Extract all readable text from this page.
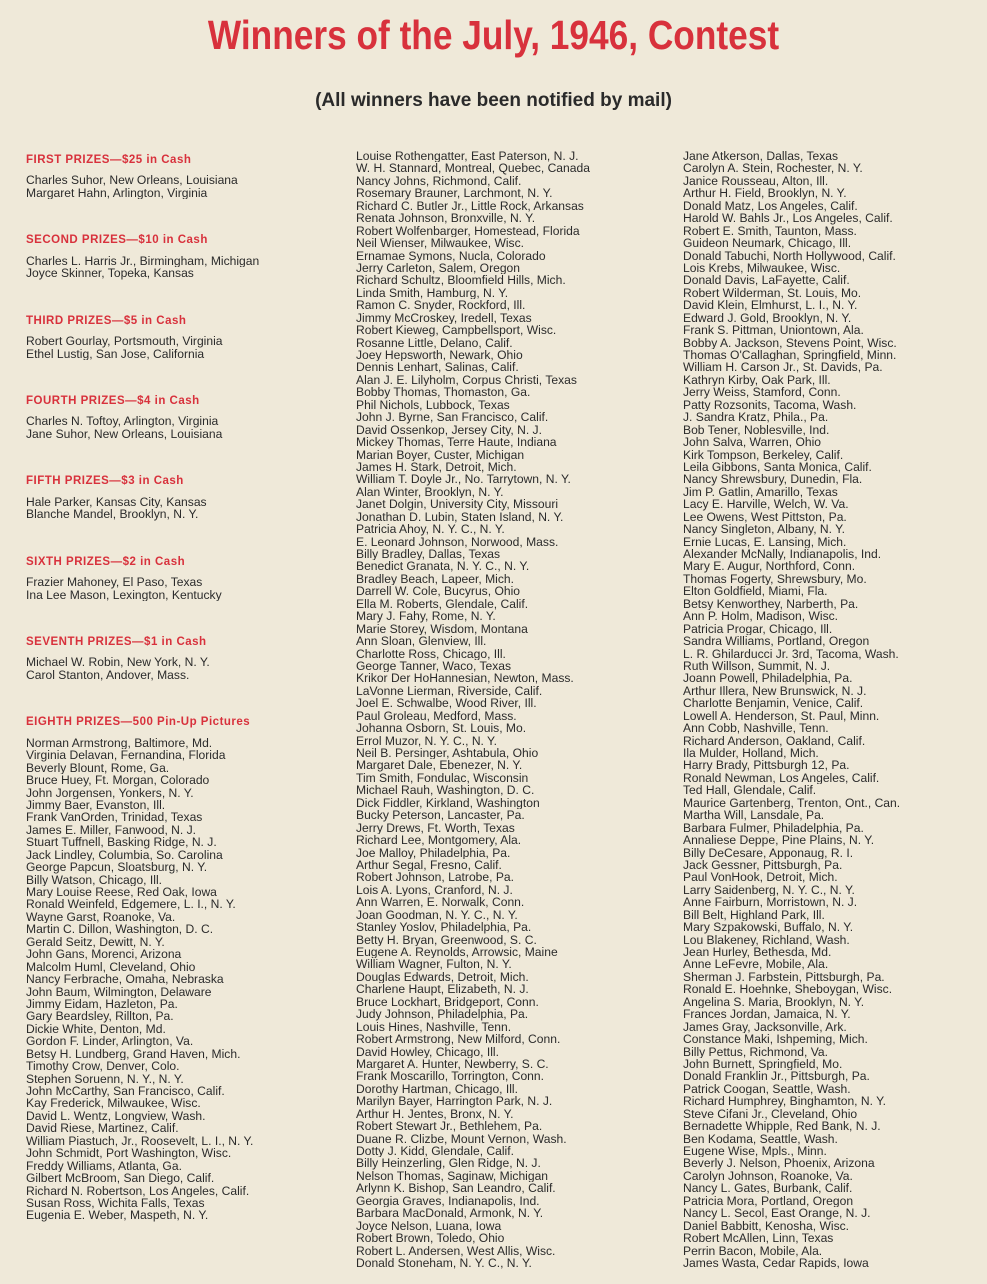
Winners of the July, 1946, Contest
(All winners have been notified by mail)
FIRST PRIZES—$25 in Cash
Charles Suhor, New Orleans, Louisiana
Margaret Hahn, Arlington, Virginia
SECOND PRIZES—$10 in Cash
Charles L. Harris Jr., Birmingham, Michigan
Joyce Skinner, Topeka, Kansas
THIRD PRIZES—$5 in Cash
Robert Gourlay, Portsmouth, Virginia
Ethel Lustig, San Jose, California
FOURTH PRIZES—$4 in Cash
Charles N. Toftoy, Arlington, Virginia
Jane Suhor, New Orleans, Louisiana
FIFTH PRIZES—$3 in Cash
Hale Parker, Kansas City, Kansas
Blanche Mandel, Brooklyn, N. Y.
SIXTH PRIZES—$2 in Cash
Frazier Mahoney, El Paso, Texas
Ina Lee Mason, Lexington, Kentucky
SEVENTH PRIZES—$1 in Cash
Michael W. Robin, New York, N. Y.
Carol Stanton, Andover, Mass.
EIGHTH PRIZES—500 Pin-Up Pictures
Norman Armstrong, Baltimore, Md.
Virginia Delavan, Fernandina, Florida
Beverly Blount, Rome, Ga.
Bruce Huey, Ft. Morgan, Colorado
John Jorgensen, Yonkers, N. Y.
Jimmy Baer, Evanston, Ill.
Frank VanOrden, Trinidad, Texas
James E. Miller, Fanwood, N. J.
Stuart Tuffnell, Basking Ridge, N. J.
Jack Lindley, Columbia, So. Carolina
George Papcun, Sloatsburg, N. Y.
Billy Watson, Chicago, Ill.
Mary Louise Reese, Red Oak, Iowa
Ronald Weinfeld, Edgemere, L. I., N. Y.
Wayne Garst, Roanoke, Va.
Martin C. Dillon, Washington, D. C.
Gerald Seitz, Dewitt, N. Y.
John Gans, Morenci, Arizona
Malcolm Huml, Cleveland, Ohio
Nancy Ferbrache, Omaha, Nebraska
John Baum, Wilmington, Delaware
Jimmy Eidam, Hazleton, Pa.
Gary Beardsley, Rillton, Pa.
Dickie White, Denton, Md.
Gordon F. Linder, Arlington, Va.
Betsy H. Lundberg, Grand Haven, Mich.
Timothy Crow, Denver, Colo.
Stephen Soruenn, N. Y., N. Y.
John McCarthy, San Francisco, Calif.
Kay Frederick, Milwaukee, Wisc.
David L. Wentz, Longview, Wash.
David Riese, Martinez, Calif.
William Piastuch, Jr., Roosevelt, L. I., N. Y.
John Schmidt, Port Washington, Wisc.
Freddy Williams, Atlanta, Ga.
Gilbert McBroom, San Diego, Calif.
Richard N. Robertson, Los Angeles, Calif.
Susan Ross, Wichita Falls, Texas
Eugenia E. Weber, Maspeth, N. Y.
Louise Rothengatter, East Paterson, N. J.
W. H. Stannard, Montreal, Quebec, Canada
Nancy Johns, Richmond, Calif.
Rosemary Brauner, Larchmont, N. Y.
Richard C. Butler Jr., Little Rock, Arkansas
Renata Johnson, Bronxville, N. Y.
Robert Wolfenbarger, Homestead, Florida
Neil Wienser, Milwaukee, Wisc.
Ernamae Symons, Nucla, Colorado
Jerry Carleton, Salem, Oregon
Richard Schultz, Bloomfield Hills, Mich.
Linda Smith, Hamburg, N. Y.
Ramon C. Snyder, Rockford, Ill.
Jimmy McCroskey, Iredell, Texas
Robert Kieweg, Campbellsport, Wisc.
Rosanne Little, Delano, Calif.
Joey Hepsworth, Newark, Ohio
Dennis Lenhart, Salinas, Calif.
Alan J. E. Lilyholm, Corpus Christi, Texas
Bobby Thomas, Thomaston, Ga.
Phil Nichols, Lubbock, Texas
John J. Byrne, San Francisco, Calif.
David Ossenkop, Jersey City, N. J.
Mickey Thomas, Terre Haute, Indiana
Marian Boyer, Custer, Michigan
James H. Stark, Detroit, Mich.
William T. Doyle Jr., No. Tarrytown, N. Y.
Alan Winter, Brooklyn, N. Y.
Janet Dolgin, University City, Missouri
Jonathan D. Lubin, Staten Island, N. Y.
Patricia Ahoy, N. Y. C., N. Y.
E. Leonard Johnson, Norwood, Mass.
Billy Bradley, Dallas, Texas
Benedict Granata, N. Y. C., N. Y.
Bradley Beach, Lapeer, Mich.
Darrell W. Cole, Bucyrus, Ohio
Ella M. Roberts, Glendale, Calif.
Mary J. Fahy, Rome, N. Y.
Marie Storey, Wisdom, Montana
Ann Sloan, Glenview, Ill.
Charlotte Ross, Chicago, Ill.
George Tanner, Waco, Texas
Krikor Der HoHannesian, Newton, Mass.
LaVonne Lierman, Riverside, Calif.
Joel E. Schwalbe, Wood River, Ill.
Paul Groleau, Medford, Mass.
Johanna Osborn, St. Louis, Mo.
Errol Muzor, N. Y. C., N. Y.
Neil B. Persinger, Ashtabula, Ohio
Margaret Dale, Ebenezer, N. Y.
Tim Smith, Fondulac, Wisconsin
Michael Rauh, Washington, D. C.
Dick Fiddler, Kirkland, Washington
Bucky Peterson, Lancaster, Pa.
Jerry Drews, Ft. Worth, Texas
Richard Lee, Montgomery, Ala.
Joe Malloy, Philadelphia, Pa.
Arthur Segal, Fresno, Calif.
Robert Johnson, Latrobe, Pa.
Lois A. Lyons, Cranford, N. J.
Ann Warren, E. Norwalk, Conn.
Joan Goodman, N. Y. C., N. Y.
Stanley Yoslov, Philadelphia, Pa.
Betty H. Bryan, Greenwood, S. C.
Eugene A. Reynolds, Arrowsic, Maine
William Wagner, Fulton, N. Y.
Douglas Edwards, Detroit, Mich.
Charlene Haupt, Elizabeth, N. J.
Bruce Lockhart, Bridgeport, Conn.
Judy Johnson, Philadelphia, Pa.
Louis Hines, Nashville, Tenn.
Robert Armstrong, New Milford, Conn.
David Howley, Chicago, Ill.
Margaret A. Hunter, Newberry, S. C.
Frank Moscarillo, Torrington, Conn.
Dorothy Hartman, Chicago, Ill.
Marilyn Bayer, Harrington Park, N. J.
Arthur H. Jentes, Bronx, N. Y.
Robert Stewart Jr., Bethlehem, Pa.
Duane R. Clizbe, Mount Vernon, Wash.
Dotty J. Kidd, Glendale, Calif.
Billy Heinzerling, Glen Ridge, N. J.
Nelson Thomas, Saginaw, Michigan
Arlynn K. Bishop, San Leandro, Calif.
Georgia Graves, Indianapolis, Ind.
Barbara MacDonald, Armonk, N. Y.
Joyce Nelson, Luana, Iowa
Robert Brown, Toledo, Ohio
Robert L. Andersen, West Allis, Wisc.
Donald Stoneham, N. Y. C., N. Y.
Jane Atkerson, Dallas, Texas
Carolyn A. Stein, Rochester, N. Y.
Janice Rousseau, Alton, Ill.
Arthur H. Field, Brooklyn, N. Y.
Donald Matz, Los Angeles, Calif.
Harold W. Bahls Jr., Los Angeles, Calif.
Robert E. Smith, Taunton, Mass.
Guideon Neumark, Chicago, Ill.
Donald Tabuchi, North Hollywood, Calif.
Lois Krebs, Milwaukee, Wisc.
Donald Davis, LaFayette, Calif.
Robert Wilderman, St. Louis, Mo.
David Klein, Elmhurst, L. I., N. Y.
Edward J. Gold, Brooklyn, N. Y.
Frank S. Pittman, Uniontown, Ala.
Bobby A. Jackson, Stevens Point, Wisc.
Thomas O'Callaghan, Springfield, Minn.
William H. Carson Jr., St. Davids, Pa.
Kathryn Kirby, Oak Park, Ill.
Jerry Weiss, Stamford, Conn.
Patty Rozsonits, Tacoma, Wash.
J. Sandra Kratz, Phila., Pa.
Bob Tener, Noblesville, Ind.
John Salva, Warren, Ohio
Kirk Tompson, Berkeley, Calif.
Leila Gibbons, Santa Monica, Calif.
Nancy Shrewsbury, Dunedin, Fla.
Jim P. Gatlin, Amarillo, Texas
Lacy E. Harville, Welch, W. Va.
Lee Owens, West Pittston, Pa.
Nancy Singleton, Albany, N. Y.
Ernie Lucas, E. Lansing, Mich.
Alexander McNally, Indianapolis, Ind.
Mary E. Augur, Northford, Conn.
Thomas Fogerty, Shrewsbury, Mo.
Elton Goldfield, Miami, Fla.
Betsy Kenworthey, Narberth, Pa.
Ann P. Holm, Madison, Wisc.
Patricia Progar, Chicago, Ill.
Sandra Williams, Portland, Oregon
L. R. Ghilarducci Jr. 3rd, Tacoma, Wash.
Ruth Willson, Summit, N. J.
Joann Powell, Philadelphia, Pa.
Arthur Illera, New Brunswick, N. J.
Charlotte Benjamin, Venice, Calif.
Lowell A. Henderson, St. Paul, Minn.
Ann Cobb, Nashville, Tenn.
Richard Anderson, Oakland, Calif.
Ila Mulder, Holland, Mich.
Harry Brady, Pittsburgh 12, Pa.
Ronald Newman, Los Angeles, Calif.
Ted Hall, Glendale, Calif.
Maurice Gartenberg, Trenton, Ont., Can.
Martha Will, Lansdale, Pa.
Barbara Fulmer, Philadelphia, Pa.
Annaliese Deppe, Pine Plains, N. Y.
Billy DeCesare, Apponaug, R. I.
Jack Gessner, Pittsburgh, Pa.
Paul VonHook, Detroit, Mich.
Larry Saidenberg, N. Y. C., N. Y.
Anne Fairburn, Morristown, N. J.
Bill Belt, Highland Park, Ill.
Mary Szpakowski, Buffalo, N. Y.
Lou Blakeney, Richland, Wash.
Jean Hurley, Bethesda, Md.
Anne LeFevre, Mobile, Ala.
Sherman J. Farbstein, Pittsburgh, Pa.
Ronald E. Hoehnke, Sheboygan, Wisc.
Angelina S. Maria, Brooklyn, N. Y.
Frances Jordan, Jamaica, N. Y.
James Gray, Jacksonville, Ark.
Constance Maki, Ishpeming, Mich.
Billy Pettus, Richmond, Va.
John Burnett, Springfield, Mo.
Donald Franklin Jr., Pittsburgh, Pa.
Patrick Coogan, Seattle, Wash.
Richard Humphrey, Binghamton, N. Y.
Steve Cifani Jr., Cleveland, Ohio
Bernadette Whipple, Red Bank, N. J.
Ben Kodama, Seattle, Wash.
Eugene Wise, Mpls., Minn.
Beverly J. Nelson, Phoenix, Arizona
Carolyn Johnson, Roanoke, Va.
Nancy L. Gates, Burbank, Calif.
Patricia Mora, Portland, Oregon
Nancy L. Secol, East Orange, N. J.
Daniel Babbitt, Kenosha, Wisc.
Robert McAllen, Linn, Texas
Perrin Bacon, Mobile, Ala.
James Wasta, Cedar Rapids, Iowa
